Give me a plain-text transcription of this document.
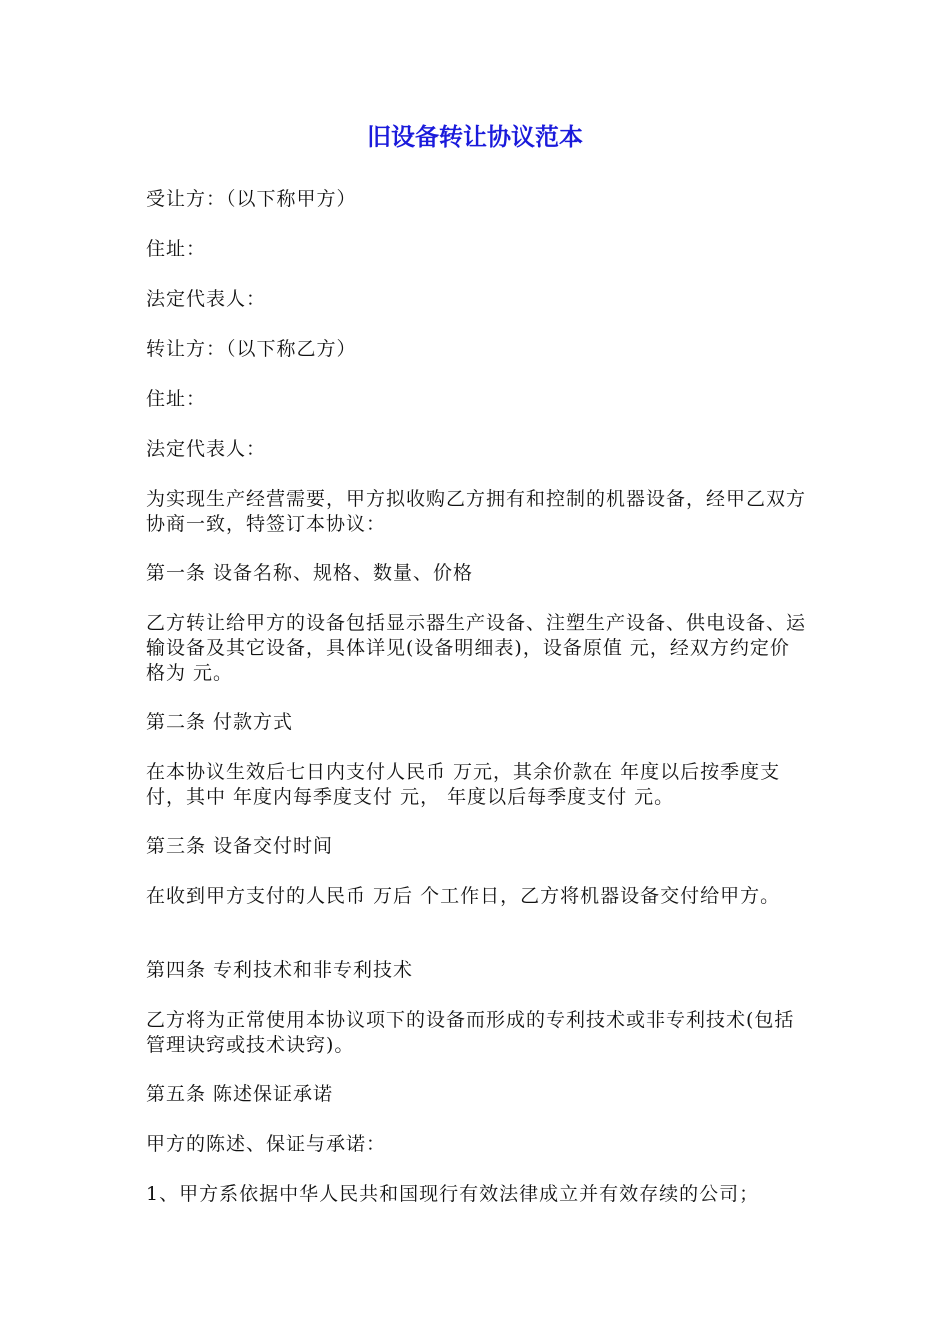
旧设备转让协议范本

受让方：（以下称甲方）

住址：

法定代表人：

转让方：（以下称乙方）

住址：

法定代表人：

为实现生产经营需要，甲方拟收购乙方拥有和控制的机器设备，经甲乙双方协商一致，特签订本协议：

第一条 设备名称、规格、数量、价格

乙方转让给甲方的设备包括显示器生产设备、注塑生产设备、供电设备、运输设备及其它设备，具体详见(设备明细表)，设备原值 元，经双方约定价格为 元。

第二条 付款方式

在本协议生效后七日内支付人民币 万元，其余价款在 年度以后按季度支付，其中 年度内每季度支付 元， 年度以后每季度支付 元。

第三条 设备交付时间

在收到甲方支付的人民币 万后 个工作日，乙方将机器设备交付给甲方。

第四条 专利技术和非专利技术

乙方将为正常使用本协议项下的设备而形成的专利技术或非专利技术(包括管理诀窍或技术诀窍)。

第五条 陈述保证承诺

甲方的陈述、保证与承诺：

1、甲方系依据中华人民共和国现行有效法律成立并有效存续的公司；
